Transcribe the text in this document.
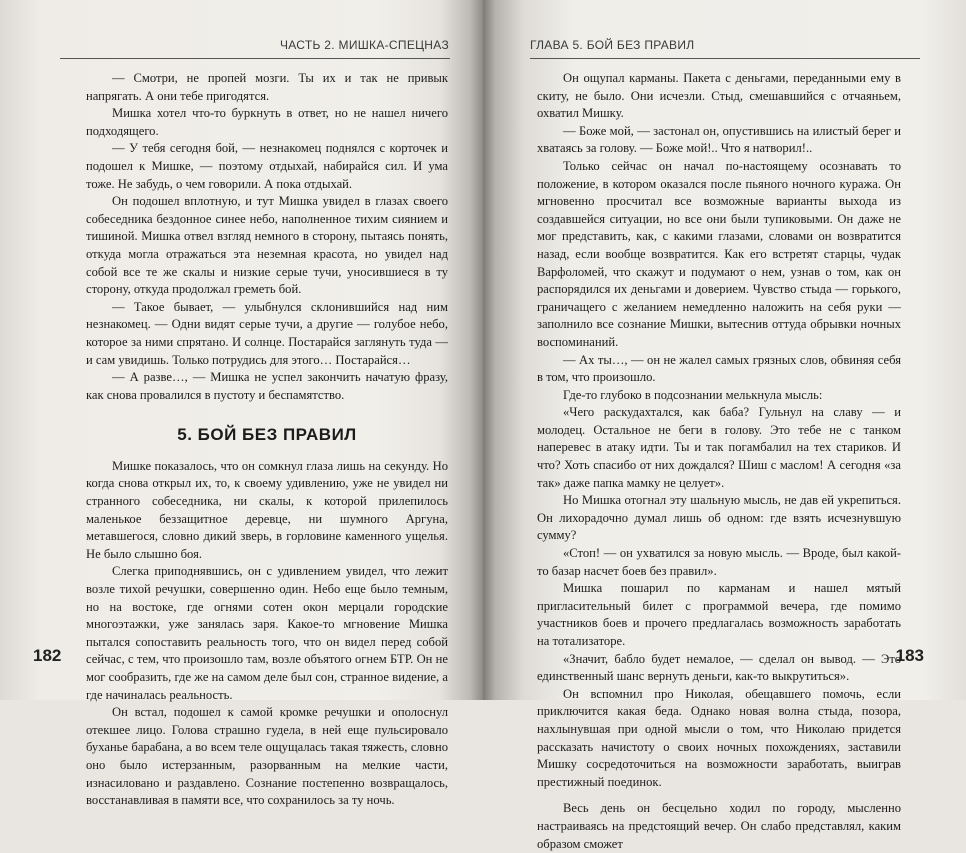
ЧАСТЬ 2. МИШКА-СПЕЦНАЗ

— Смотри, не пропей мозги. Ты их и так не привык напрягать. А они тебе пригодятся.

Мишка хотел что-то буркнуть в ответ, но не нашел ничего подходящего.

— У тебя сегодня бой, — незнакомец поднялся с корточек и подошел к Мишке, — поэтому отдыхай, набирайся сил. И ума тоже. Не забудь, о чем говорили. А пока отдыхай.

Он подошел вплотную, и тут Мишка увидел в глазах своего собеседника бездонное синее небо, наполненное тихим сиянием и тишиной. Мишка отвел взгляд немного в сторону, пытаясь понять, откуда могла отражаться эта неземная красота, но увидел над собой все те же скалы и низкие серые тучи, уносившиеся в ту сторону, откуда продолжал греметь бой.

— Такое бывает, — улыбнулся склонившийся над ним незнакомец. — Одни видят серые тучи, а другие — голубое небо, которое за ними спрятано. И солнце. Постарайся заглянуть туда — и сам увидишь. Только потрудись для этого… Постарайся…

— А разве…, — Мишка не успел закончить начатую фразу, как снова провалился в пустоту и беспамятство.

5. БОЙ БЕЗ ПРАВИЛ

Мишке показалось, что он сомкнул глаза лишь на секунду. Но когда снова открыл их, то, к своему удивлению, уже не увидел ни странного собеседника, ни скалы, к которой прилепилось маленькое беззащитное деревце, ни шумного Аргуна, метавшегося, словно дикий зверь, в горловине каменного ущелья. Не было слышно боя.

Слегка приподнявшись, он с удивлением увидел, что лежит возле тихой речушки, совершенно один. Небо еще было темным, но на востоке, где огнями сотен окон мерцали городские многоэтажки, уже занялась заря. Какое-то мгновение Мишка пытался сопоставить реальность того, что он видел перед собой сейчас, с тем, что произошло там, возле объятого огнем БТР. Он не мог сообразить, где же на самом деле был сон, странное видение, а где начиналась реальность.

Он встал, подошел к самой кромке речушки и ополоснул отекшее лицо. Голова страшно гудела, в ней еще пульсировало буханье барабана, а во всем теле ощущалась такая тяжесть, словно оно было истерзанным, разорванным на мелкие части, изнасиловано и раздавлено. Сознание постепенно возвращалось, восстанавливая в памяти все, что сохранилось за ту ночь.

182
ГЛАВА 5. БОЙ БЕЗ ПРАВИЛ

Он ощупал карманы. Пакета с деньгами, переданными ему в скиту, не было. Они исчезли. Стыд, смешавшийся с отчаяньем, охватил Мишку.

— Боже мой, — застонал он, опустившись на илистый берег и хватаясь за голову. — Боже мой!.. Что я натворил!..

Только сейчас он начал по-настоящему осознавать то положение, в котором оказался после пьяного ночного куража. Он мгновенно просчитал все возможные варианты выхода из создавшейся ситуации, но все они были тупиковыми. Он даже не мог представить, как, с какими глазами, словами он возвратится назад, если вообще возвратится. Как его встретят старцы, чудак Варфоломей, что скажут и подумают о нем, узнав о том, как он распорядился их деньгами и доверием. Чувство стыда — горького, граничащего с желанием немедленно наложить на себя руки — заполнило все сознание Мишки, вытеснив оттуда обрывки ночных воспоминаний.

— Ах ты…, — он не жалел самых грязных слов, обвиняя себя в том, что произошло.

Где-то глубоко в подсознании мелькнула мысль:

«Чего раскудахтался, как баба? Гульнул на славу — и молодец. Остальное не беги в голову. Это тебе не с танком наперевес в атаку идти. Ты и так погамбалил на тех стариков. И что? Хоть спасибо от них дождался? Шиш с маслом! А сегодня «за так» даже папка мамку не целует».

Но Мишка отогнал эту шальную мысль, не дав ей укрепиться. Он лихорадочно думал лишь об одном: где взять исчезнувшую сумму?

«Стоп! — он ухватился за новую мысль. — Вроде, был какой-то базар насчет боев без правил».

Мишка пошарил по карманам и нашел мятый пригласительный билет с программой вечера, где помимо участников боев и прочего предлагалась возможность заработать на тотализаторе.

«Значит, бабло будет немалое, — сделал он вывод. — Это единственный шанс вернуть деньги, как-то выкрутиться».

Он вспомнил про Николая, обещавшего помочь, если приключится какая беда. Однако новая волна стыда, позора, нахлынувшая при одной мысли о том, что Николаю придется рассказать начистоту о своих ночных похождениях, заставили Мишку сосредоточиться на возможности заработать, выиграв престижный поединок.

Весь день он бесцельно ходил по городу, мысленно настраиваясь на предстоящий вечер. Он слабо представлял, каким образом сможет

183
